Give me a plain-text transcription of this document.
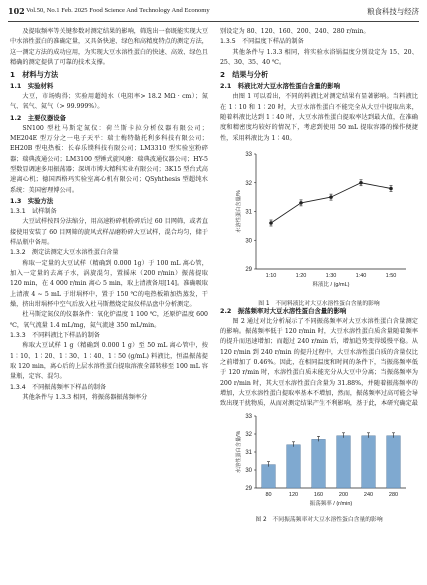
102 Vol.50, No.1 Feb. 2025 Food Science And Technology And Economy	粮食科技与经济
及提取频率等关键参数对测定结果的影响，筛选出一套既能实现大豆中水溶性蛋白的准确定量，又具备快速、绿色和高精度特点的测定方法，这一测定方法的成功应用，为实现大豆水溶性蛋白的快速、高效、绿色且精确的测定提供了可靠的技术支撑。
1　材料与方法
1.1　实验材料
大豆，市场购得；实验用超纯水（电阻率> 18.2 MΩ · cm）；氮气、氧气、氦气（> 99.999%）。
1.2　主要仪器设备
SN100 型杜马斯定氮仪：荷兰斯卡拉分析仪器有限公司；ME204E 型万分之一电子天平：瑞士梅特勒托利多科技有限公司；EH20B 型电热板：长春乐镤科技有限公司；LM3310 型实验室粉碎器；瑞典波通公司；LM3100 型锤式旋风磨：瑞典波通仪器公司；HY-5 型数显调速多用振荡器；深圳市博大精科实业有限公司；3K15 型台式高速离心机；德国西格玛实验室离心机有限公司；QSyhthesis 型超纯水系统：美国密理博公司。
1.3　实验方法
1.3.1　试样制备
大豆试样按四分法缩分，用高速粉碎机粉碎后过 60 目网筛，或者直接使用安装了 60 目网筛的旋风式样品磨粉碎大豆试样，混合均匀，储于样品瓶中备用。
1.3.2　测定法测定大豆水溶性蛋白含量
称取一定量的大豆试样（精确到 0.000 1g）于 100 mL 离心管，加入一定量的去离子水，涡旋混匀，置摇床（200 r/min）振荡提取 120 min，在 4 000 r/min 离心 5 min，取上清液备用[14]。准确吸取上清液 4 ~ 5 mL 于坩埚杯中，置于 150 ℃的电热板箱加热蒸发，干燥，挤出坩埚杯中空气后放入杜马斯燃烧定氮仪样品盘中分析测定。
杜马斯定氮仪的仪器条件：氧化炉温度 1 100 ℃，还原炉温度 600 ℃，氧气流量 1.4 mL/mg，氦气流速 350 mL/min。
1.3.3　不同料液比下样品的制备
称取大豆试样 1 g（精确到 0.000 1 g）至 50 mL 离心管中，按 1∶10、1∶20、1∶30、1∶40、1∶50 (g/mL) 料液比，恒温振荡提取 120 min，离心后的上层水溶性蛋白提取溶液全部转移至 100 mL 容量瓶，定容、混匀。
1.3.4　不同振荡频率下样品的制备
其他条件与 1.3.3 相同，将振荡器振荡频率分
别设定为 80、120、160、200、240、280 r/min。
1.3.5　不同温度下样品的制备
其他条件与 1.3.3 相同，将实验水浴锅温度分别设定为 15、20、25、30、35、40 ℃。
2　结果与分析
2.1　料液比对大豆水溶性蛋白含量的影响
由图 1 可以看出，不同的料液比对测定结果有显著影响。当料液比在 1∶10 和 1∶20 时，大豆水溶性蛋白不能完全从大豆中提取出来，随着料液比达到 1∶40 时，大豆水溶性蛋白提取率达到最大值，在准确度和精密度均较好的情况下，考虑到使用 50 mL 提取容器的操作便捷性，采用料液比为 1∶40。
29
30
31
32
33
1:10	1:20	1:30	1:40	1:50
水溶性蛋白含量/%
料液比 / (g/mL)
图 1　不同料液比对大豆水溶性蛋白含量的影响
2.2　振荡频率对大豆水溶性蛋白含量的影响
图 2 通过对比分析展示了不同振荡频率对大豆水溶性蛋白含量测定的影响。振荡频率低于 120 r/min 时，大豆水溶性蛋白质含量随着频率的提升而迅速增加；而超过 240 r/min 后，增加趋势变得缓慢平稳。从 120 r/min 到 240 r/min 的提升过程中，大豆水溶性蛋白质的含量仅比之前增加了 0.46%。因此，在相同温度和时间的条件下，当振荡频率低于 120 r/min 时，水溶性蛋白质未能充分从大豆中分离；当振荡频率为 200 r/min 时，其大豆水溶性蛋白含量为 31.88%，并随着振荡频率的增加，大豆水溶性蛋白提取率基本不增加，然而，振荡频率过高可能会导致出现干扰物质，从而对测定结果产生不利影响，基于此，本研究确定最
29
30
31
32
33
80	120	160	200	240	280
水溶性蛋白含量/%
振荡频率 / (r/min)
图 2　不同振荡频率对大豆水溶性蛋白含量的影响
